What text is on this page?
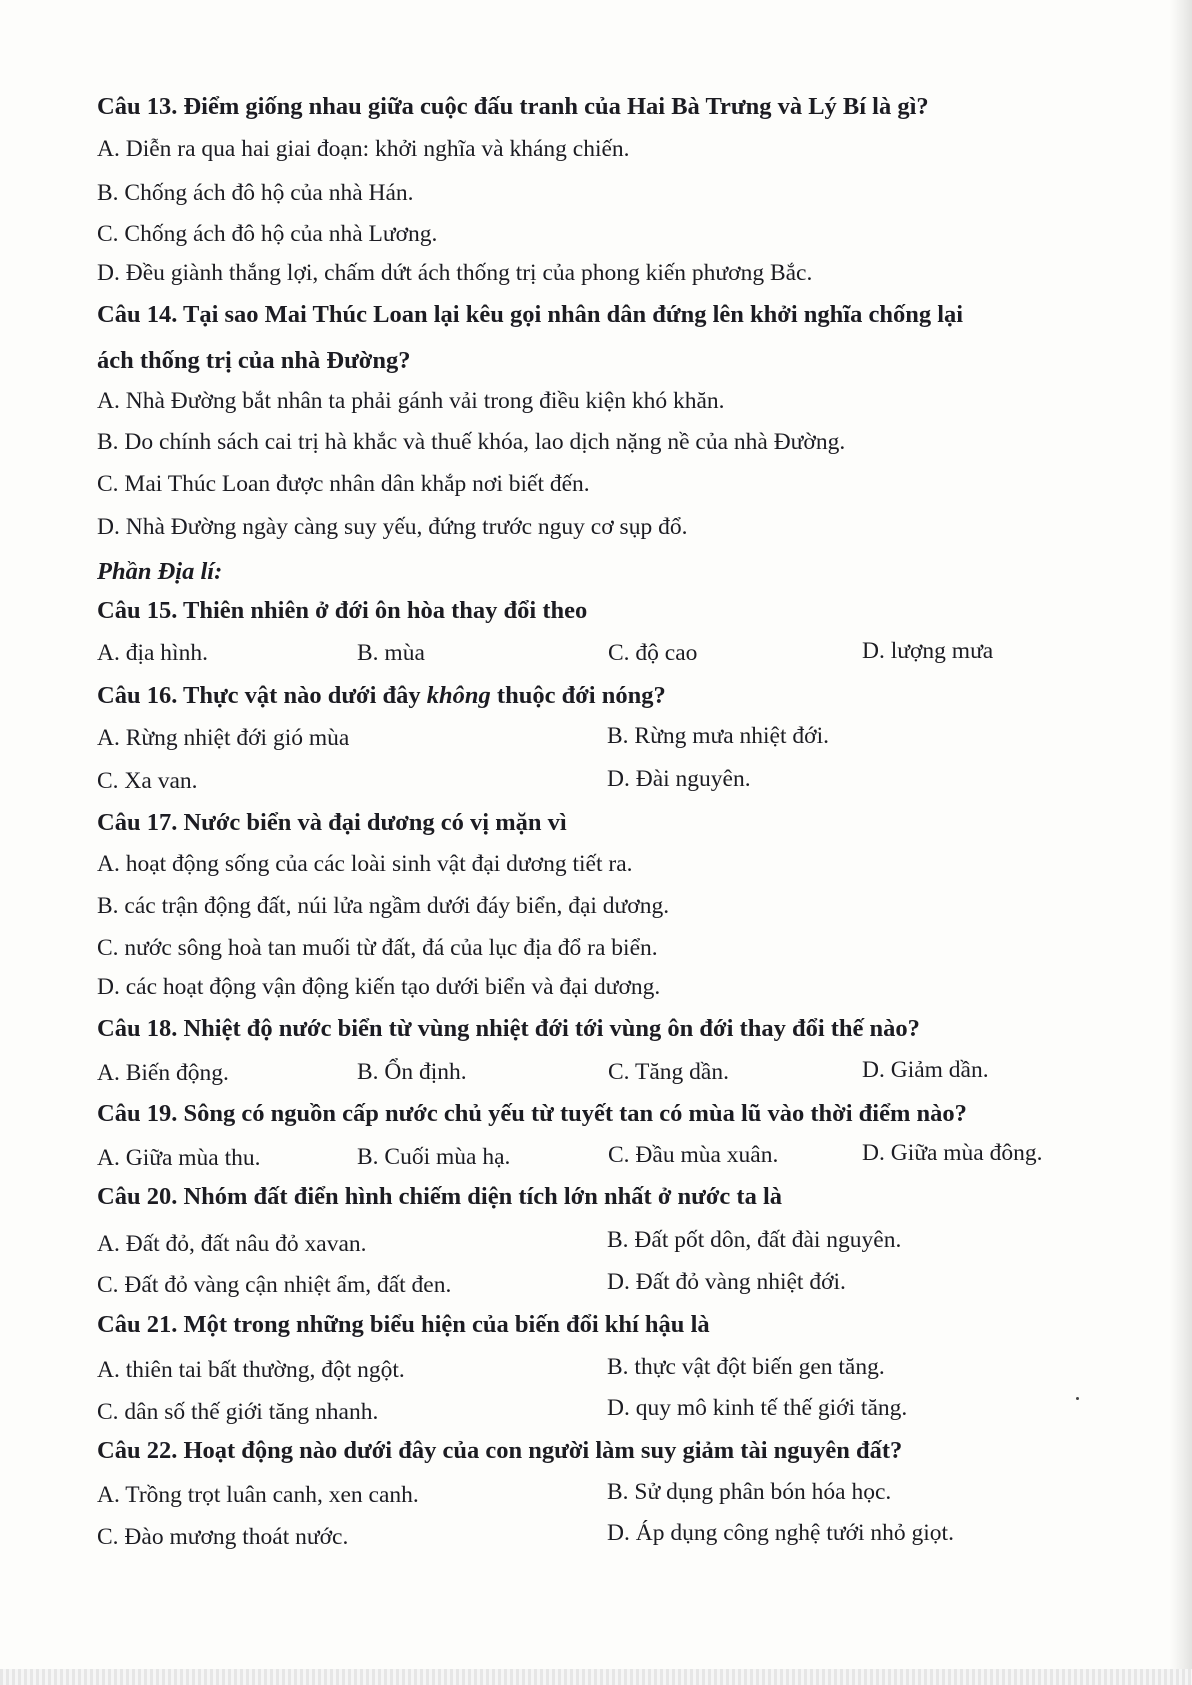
Câu 13. Điểm giống nhau giữa cuộc đấu tranh của Hai Bà Trưng và Lý Bí là gì?
A. Diễn ra qua hai giai đoạn: khởi nghĩa và kháng chiến.
B. Chống ách đô hộ của nhà Hán.
C. Chống ách đô hộ của nhà Lương.
D. Đều giành thắng lợi, chấm dứt ách thống trị của phong kiến phương Bắc.
Câu 14. Tại sao Mai Thúc Loan lại kêu gọi nhân dân đứng lên khởi nghĩa chống lại
ách thống trị của nhà Đường?
A. Nhà Đường bắt nhân ta phải gánh vải trong điều kiện khó khăn.
B. Do chính sách cai trị hà khắc và thuế khóa, lao dịch nặng nề của nhà Đường.
C. Mai Thúc Loan được nhân dân khắp nơi biết đến.
D. Nhà Đường ngày càng suy yếu, đứng trước nguy cơ sụp đổ.
Phần Địa lí:
Câu 15. Thiên nhiên ở đới ôn hòa thay đổi theo
A. địa hình.	B. mùa	C. độ cao	D. lượng mưa
Câu 16. Thực vật nào dưới đây không thuộc đới nóng?
A. Rừng nhiệt đới gió mùa	B. Rừng mưa nhiệt đới.
C. Xa van.	D. Đài nguyên.
Câu 17. Nước biển và đại dương có vị mặn vì
A. hoạt động sống của các loài sinh vật đại dương tiết ra.
B. các trận động đất, núi lửa ngầm dưới đáy biển, đại dương.
C. nước sông hoà tan muối từ đất, đá của lục địa đổ ra biển.
D. các hoạt động vận động kiến tạo dưới biển và đại dương.
Câu 18. Nhiệt độ nước biển từ vùng nhiệt đới tới vùng ôn đới thay đổi thế nào?
A. Biến động.	B. Ổn định.	C. Tăng dần.	D. Giảm dần.
Câu 19. Sông có nguồn cấp nước chủ yếu từ tuyết tan có mùa lũ vào thời điểm nào?
A. Giữa mùa thu.	B. Cuối mùa hạ.	C. Đầu mùa xuân.	D. Giữa mùa đông.
Câu 20. Nhóm đất điển hình chiếm diện tích lớn nhất ở nước ta là
A. Đất đỏ, đất nâu đỏ xavan.	B. Đất pốt dôn, đất đài nguyên.
C. Đất đỏ vàng cận nhiệt ẩm, đất đen.	D. Đất đỏ vàng nhiệt đới.
Câu 21. Một trong những biểu hiện của biến đổi khí hậu là
A. thiên tai bất thường, đột ngột.	B. thực vật đột biến gen tăng.
C. dân số thế giới tăng nhanh.	D. quy mô kinh tế thế giới tăng.
Câu 22. Hoạt động nào dưới đây của con người làm suy giảm tài nguyên đất?
A. Trồng trọt luân canh, xen canh.	B. Sử dụng phân bón hóa học.
C. Đào mương thoát nước.	D. Áp dụng công nghệ tưới nhỏ giọt.
